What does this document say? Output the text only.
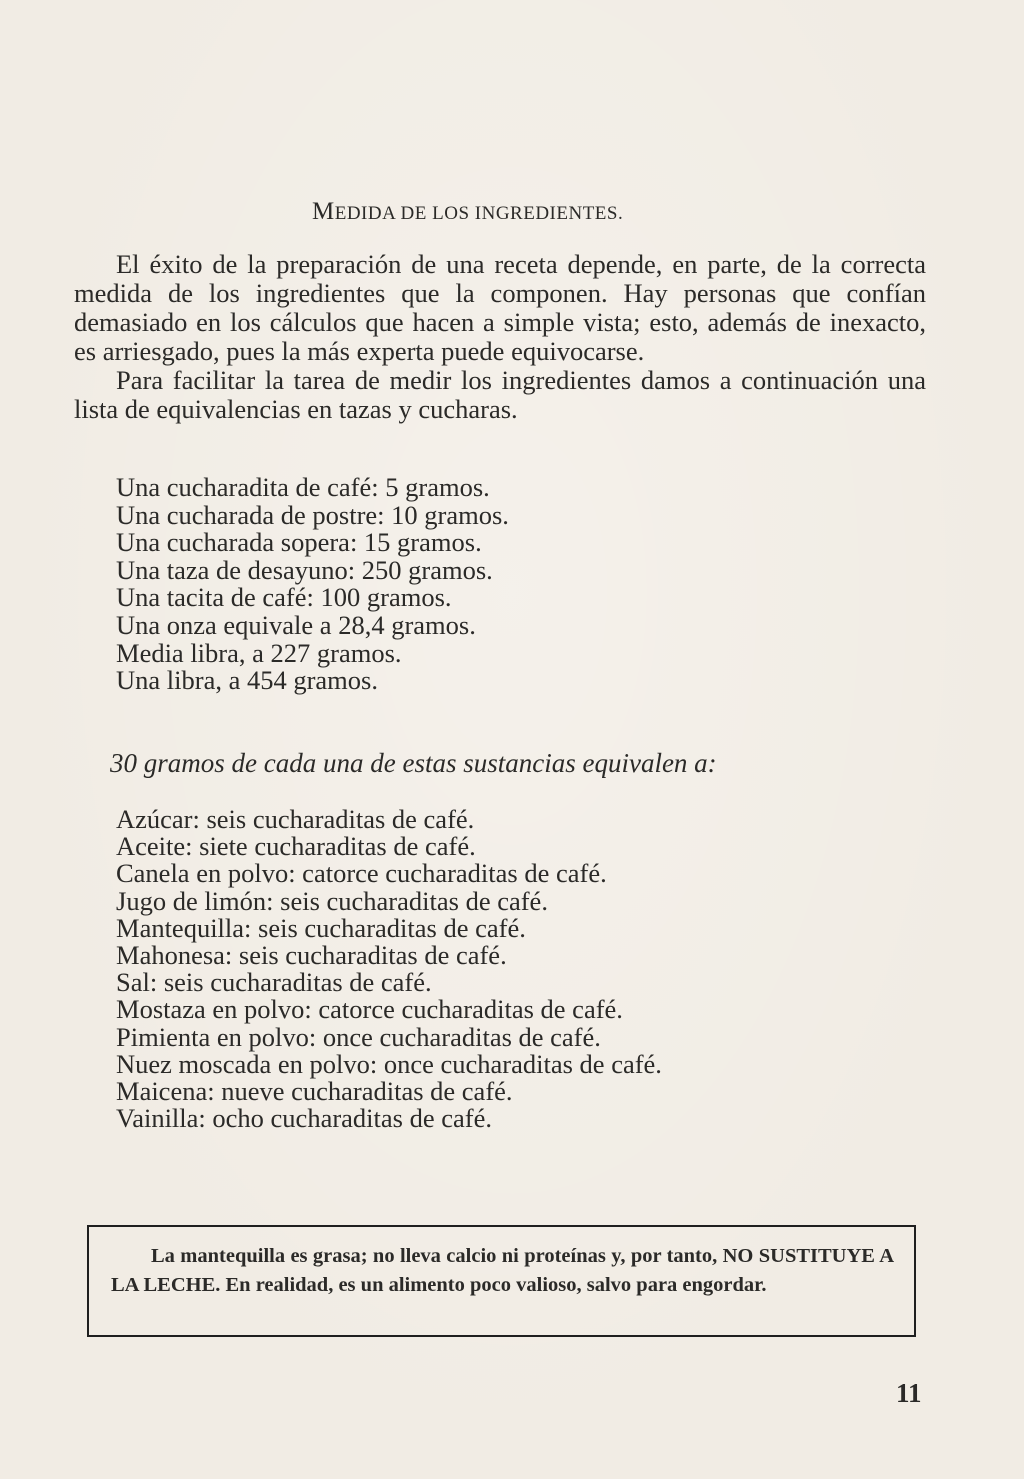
MEDIDA DE LOS INGREDIENTES.

El éxito de la preparación de una receta depende, en parte, de la correcta medida de los ingredientes que la componen. Hay personas que confían demasiado en los cálculos que hacen a simple vista; esto, además de inexacto, es arriesgado, pues la más experta puede equivocarse.

Para facilitar la tarea de medir los ingredientes damos a continuación una lista de equivalencias en tazas y cucharas.

Una cucharadita de café: 5 gramos.
Una cucharada de postre: 10 gramos.
Una cucharada sopera: 15 gramos.
Una taza de desayuno: 250 gramos.
Una tacita de café: 100 gramos.
Una onza equivale a 28,4 gramos.
Media libra, a 227 gramos.
Una libra, a 454 gramos.

30 gramos de cada una de estas sustancias equivalen a:

Azúcar: seis cucharaditas de café.
Aceite: siete cucharaditas de café.
Canela en polvo: catorce cucharaditas de café.
Jugo de limón: seis cucharaditas de café.
Mantequilla: seis cucharaditas de café.
Mahonesa: seis cucharaditas de café.
Sal: seis cucharaditas de café.
Mostaza en polvo: catorce cucharaditas de café.
Pimienta en polvo: once cucharaditas de café.
Nuez moscada en polvo: once cucharaditas de café.
Maicena: nueve cucharaditas de café.
Vainilla: ocho cucharaditas de café.

La mantequilla es grasa; no lleva calcio ni proteínas y, por tanto, NO SUSTITUYE A LA LECHE. En realidad, es un alimento poco valioso, salvo para engordar.

11
